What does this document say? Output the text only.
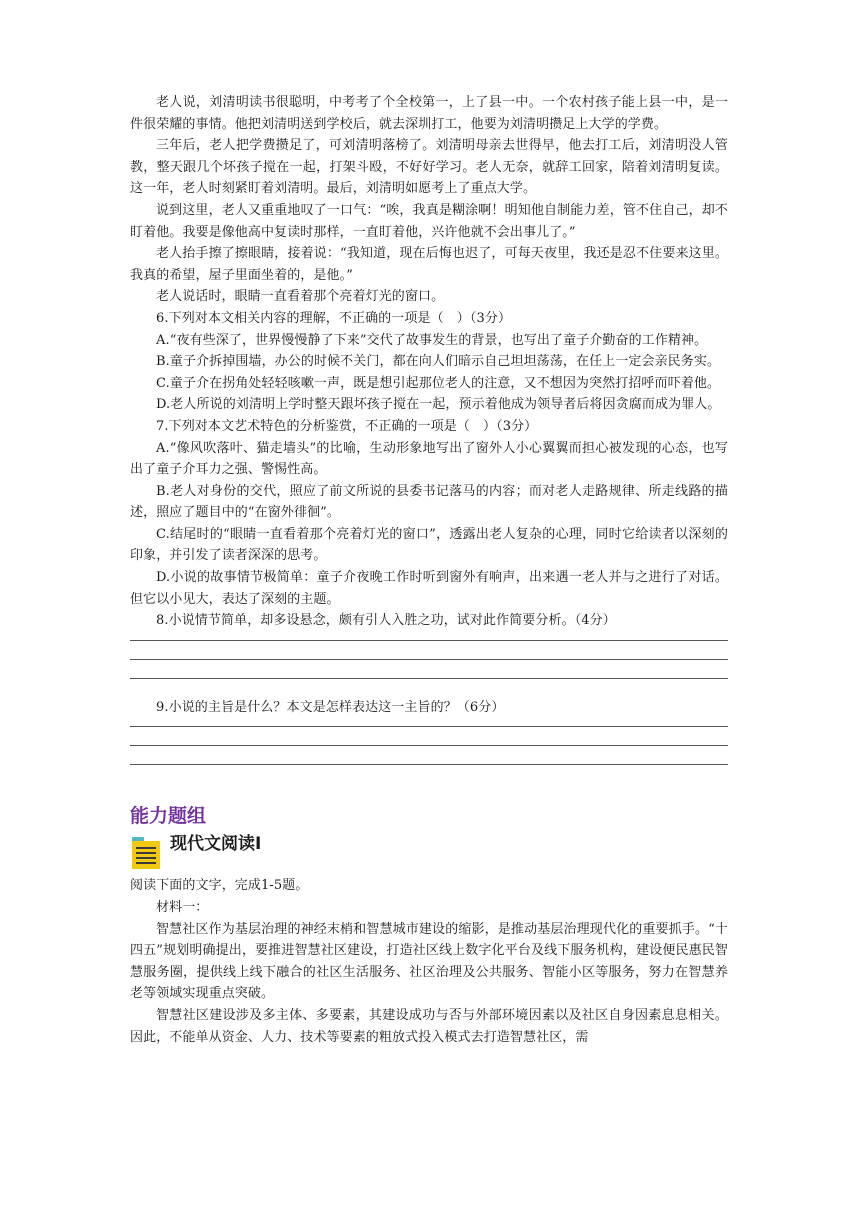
老人说，刘清明读书很聪明，中考考了个全校第一，上了县一中。一个农村孩子能上县一中，是一件很荣耀的事情。他把刘清明送到学校后，就去深圳打工，他要为刘清明攒足上大学的学费。

三年后，老人把学费攒足了，可刘清明落榜了。刘清明母亲去世得早，他去打工后，刘清明没人管教，整天跟几个坏孩子搅在一起，打架斗殴，不好好学习。老人无奈，就辞工回家，陪着刘清明复读。这一年，老人时刻紧盯着刘清明。最后，刘清明如愿考上了重点大学。

说到这里，老人又重重地叹了一口气：“唉，我真是糊涂啊！明知他自制能力差，管不住自己，却不盯着他。我要是像他高中复读时那样，一直盯着他，兴许他就不会出事儿了。”

老人抬手擦了擦眼睛，接着说：“我知道，现在后悔也迟了，可每天夜里，我还是忍不住要来这里。我真的希望，屋子里面坐着的，是他。”

老人说话时，眼睛一直看着那个亮着灯光的窗口。

6.下列对本文相关内容的理解，不正确的一项是（　）（3分）

A.“夜有些深了，世界慢慢静了下来”交代了故事发生的背景，也写出了童子介勤奋的工作精神。

B.童子介拆掉围墙，办公的时候不关门，都在向人们暗示自己坦坦荡荡，在任上一定会亲民务实。

C.童子介在拐角处轻轻咳嗽一声，既是想引起那位老人的注意，又不想因为突然打招呼而吓着他。

D.老人所说的刘清明上学时整天跟坏孩子搅在一起，预示着他成为领导者后将因贪腐而成为罪人。

7.下列对本文艺术特色的分析鉴赏，不正确的一项是（　）（3分）

A.“像风吹落叶、猫走墙头”的比喻，生动形象地写出了窗外人小心翼翼而担心被发现的心态，也写出了童子介耳力之强、警惕性高。

B.老人对身份的交代，照应了前文所说的县委书记落马的内容；而对老人走路规律、所走线路的描述，照应了题目中的“在窗外徘徊”。

C.结尾时的“眼睛一直看着那个亮着灯光的窗口”，透露出老人复杂的心理，同时它给读者以深刻的印象，并引发了读者深深的思考。

D.小说的故事情节极简单：童子介夜晚工作时听到窗外有响声，出来遇一老人并与之进行了对话。但它以小见大，表达了深刻的主题。

8.小说情节简单，却多设悬念，颇有引人入胜之功，试对此作简要分析。（4分）

9.小说的主旨是什么？本文是怎样表达这一主旨的？（6分）

能力题组
现代文阅读Ⅰ

阅读下面的文字，完成1-5题。

材料一：

智慧社区作为基层治理的神经末梢和智慧城市建设的缩影，是推动基层治理现代化的重要抓手。“十四五”规划明确提出，要推进智慧社区建设，打造社区线上数字化平台及线下服务机构，建设便民惠民智慧服务圈，提供线上线下融合的社区生活服务、社区治理及公共服务、智能小区等服务，努力在智慧养老等领域实现重点突破。

智慧社区建设涉及多主体、多要素，其建设成功与否与外部环境因素以及社区自身因素息息相关。因此，不能单从资金、人力、技术等要素的粗放式投入模式去打造智慧社区，需
